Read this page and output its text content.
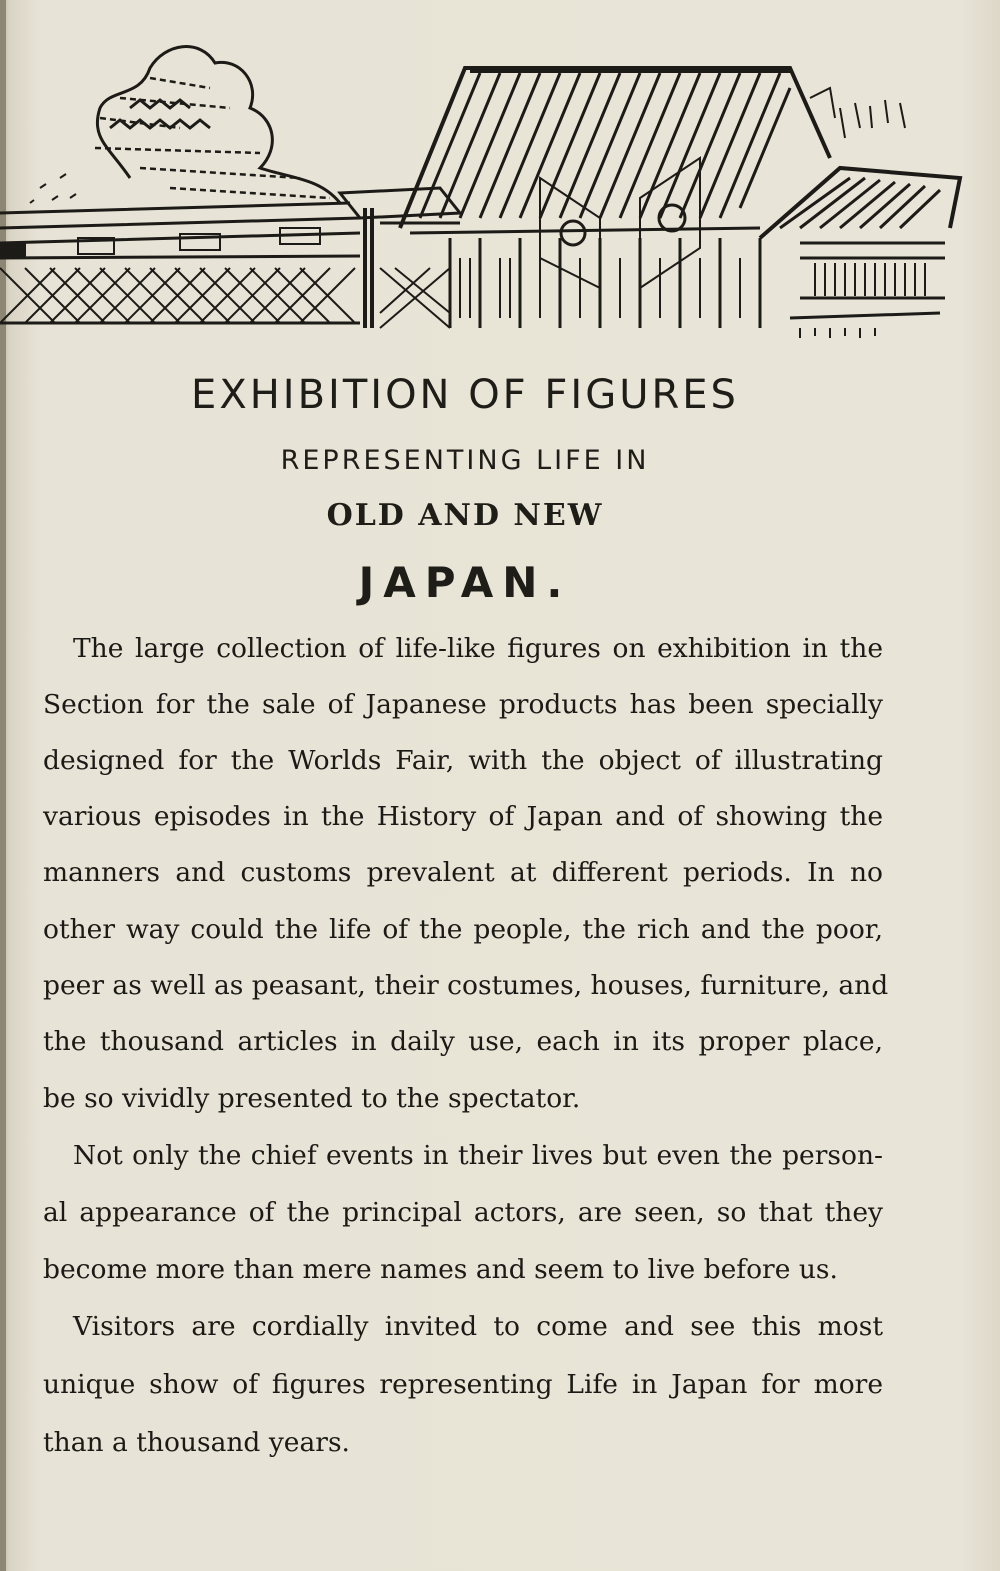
EXHIBITION OF FIGURES
REPRESENTING LIFE IN
OLD AND NEW
JAPAN.
The large collection of life-like figures on exhibition in the
Section for the sale of Japanese products has been specially
designed for the Worlds Fair, with the object of illustrating
various episodes in the History of Japan and of showing the
manners and customs prevalent at different periods. In no
other way could the life of the people, the rich and the poor,
peer as well as peasant, their costumes, houses, furniture, and
the thousand articles in daily use, each in its proper place,
be so vividly presented to the spectator.
Not only the chief events in their lives but even the person-
al appearance of the principal actors, are seen, so that they
become more than mere names and seem to live before us.
Visitors are cordially invited to come and see this most
unique show of figures representing Life in Japan for more
than a thousand years.
